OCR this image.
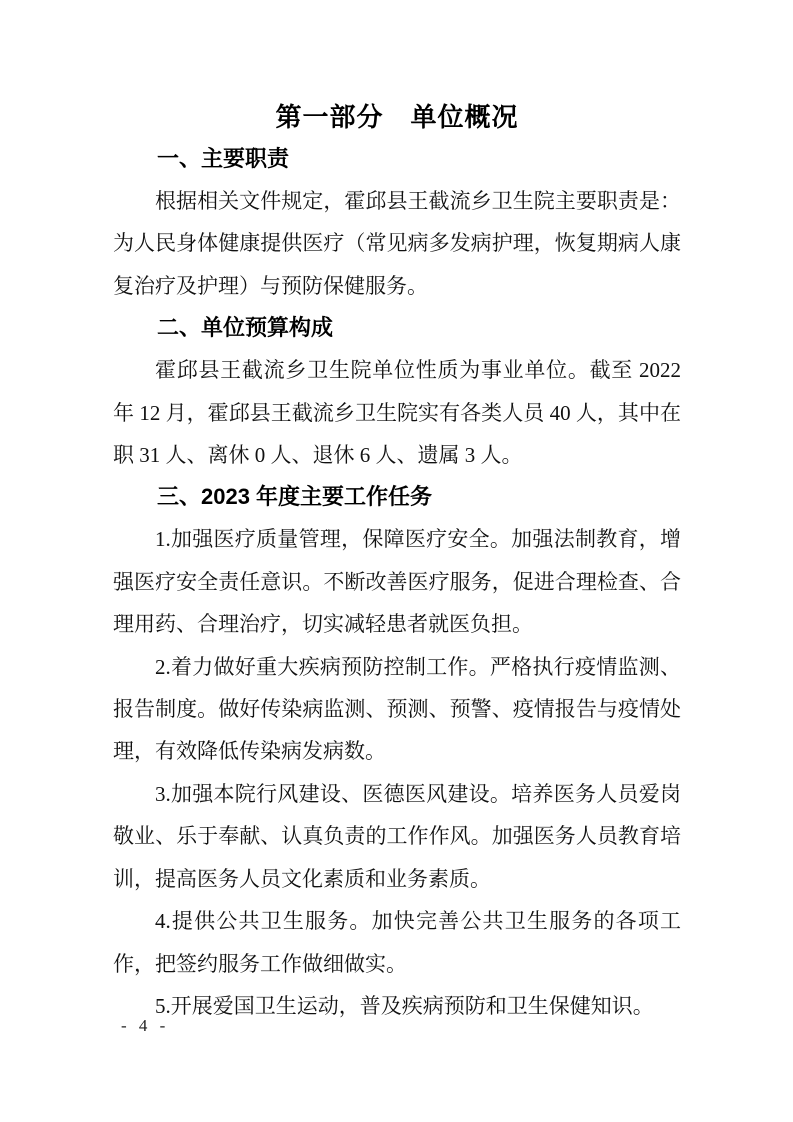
第一部分　单位概况
一、主要职责

根据相关文件规定，霍邱县王截流乡卫生院主要职责是：为人民身体健康提供医疗（常见病多发病护理，恢复期病人康复治疗及护理）与预防保健服务。

二、单位预算构成

霍邱县王截流乡卫生院单位性质为事业单位。截至 2022 年 12 月，霍邱县王截流乡卫生院实有各类人员 40 人，其中在职 31 人、离休 0 人、退休 6 人、遗属 3 人。

三、2023 年度主要工作任务

1.加强医疗质量管理，保障医疗安全。加强法制教育，增强医疗安全责任意识。不断改善医疗服务，促进合理检查、合理用药、合理治疗，切实减轻患者就医负担。

2.着力做好重大疾病预防控制工作。严格执行疫情监测、报告制度。做好传染病监测、预测、预警、疫情报告与疫情处理，有效降低传染病发病数。

3.加强本院行风建设、医德医风建设。培养医务人员爱岗敬业、乐于奉献、认真负责的工作作风。加强医务人员教育培训，提高医务人员文化素质和业务素质。

4.提供公共卫生服务。加快完善公共卫生服务的各项工作，把签约服务工作做细做实。

5.开展爱国卫生运动，普及疾病预防和卫生保健知识。

- 4 -
